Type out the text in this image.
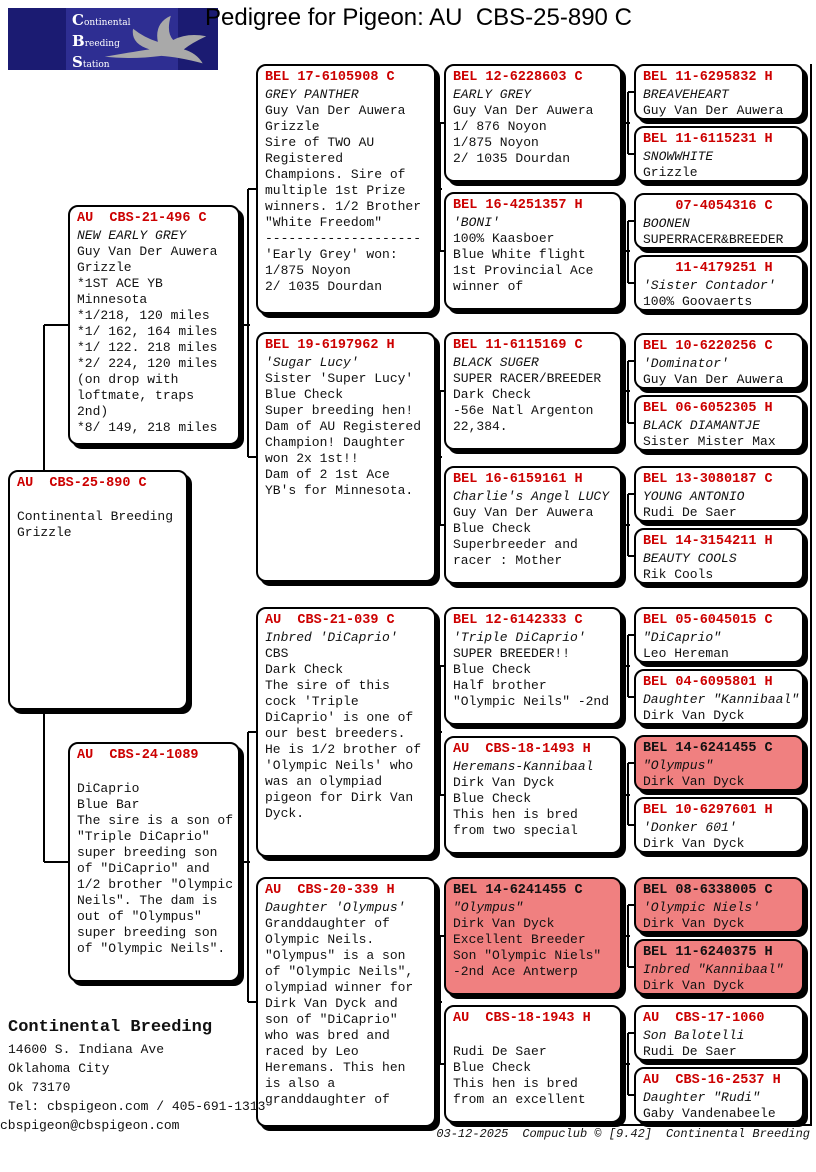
Continental
Breeding
Station
Pedigree for Pigeon: AU  CBS-25-890 C
AU  CBS-25-890 C
Continental Breeding
Grizzle
AU  CBS-21-496 C
NEW EARLY GREY
Guy Van Der Auwera
Grizzle
*1ST ACE YB
Minnesota
*1/218, 120 miles
*1/ 162, 164 miles
*1/ 122. 218 miles
*2/ 224, 120 miles
(on drop with
loftmate, traps
2nd)
*8/ 149, 218 miles
AU  CBS-24-1089
DiCaprio
Blue Bar
The sire is a son of
"Triple DiCaprio"
super breeding son
of "DiCaprio" and
1/2 brother "Olympic
Neils". The dam is
out of "Olympus"
super breeding son
of "Olympic Neils".
BEL 17-6105908 C
GREY PANTHER
Guy Van Der Auwera
Grizzle
Sire of TWO AU
Registered
Champions. Sire of
multiple 1st Prize
winners. 1/2 Brother
"White Freedom"
--------------------
'Early Grey' won:
1/875 Noyon
2/ 1035 Dourdan
BEL 19-6197962 H
'Sugar Lucy'
Sister 'Super Lucy'
Blue Check
Super breeding hen!
Dam of AU Registered
Champion! Daughter
won 2x 1st!!
Dam of 2 1st Ace
YB's for Minnesota.
AU  CBS-21-039 C
Inbred 'DiCaprio'
CBS
Dark Check
The sire of this
cock 'Triple
DiCaprio' is one of
our best breeders.
He is 1/2 brother of
'Olympic Neils' who
was an olympiad
pigeon for Dirk Van
Dyck.
AU  CBS-20-339 H
Daughter 'Olympus'
Granddaughter of
Olympic Neils.
"Olympus" is a son
of "Olympic Neils",
olympiad winner for
Dirk Van Dyck and
son of "DiCaprio"
who was bred and
raced by Leo
Heremans. This hen
is also a
granddaughter of
BEL 12-6228603 C
EARLY GREY
Guy Van Der Auwera
1/ 876 Noyon
1/875 Noyon
2/ 1035 Dourdan
BEL 16-4251357 H
'BONI'
100% Kaasboer
Blue White flight
1st Provincial Ace
winner of
BEL 11-6115169 C
BLACK SUGER
SUPER RACER/BREEDER
Dark Check
-56e Natl Argenton
22,384.
BEL 16-6159161 H
Charlie's Angel LUCY
Guy Van Der Auwera
Blue Check
Superbreeder and
racer : Mother
BEL 12-6142333 C
'Triple DiCaprio'
SUPER BREEDER!!
Blue Check
Half brother
"Olympic Neils" -2nd
AU  CBS-18-1493 H
Heremans-Kannibaal
Dirk Van Dyck
Blue Check
This hen is bred
from two special
BEL 14-6241455 C
"Olympus"
Dirk Van Dyck
Excellent Breeder
Son "Olympic Niels"
-2nd Ace Antwerp
AU  CBS-18-1943 H
Rudi De Saer
Blue Check
This hen is bred
from an excellent
BEL 11-6295832 H
BREAVEHEART
Guy Van Der Auwera
BEL 11-6115231 H
SNOWWHITE
Grizzle
07-4054316 C
BOONEN
SUPERRACER&BREEDER
11-4179251 H
'Sister Contador'
100% Goovaerts
BEL 10-6220256 C
'Dominator'
Guy Van Der Auwera
BEL 06-6052305 H
BLACK DIAMANTJE
Sister Mister Max
BEL 13-3080187 C
YOUNG ANTONIO
Rudi De Saer
BEL 14-3154211 H
BEAUTY COOLS
Rik Cools
BEL 05-6045015 C
"DiCaprio"
Leo Hereman
BEL 04-6095801 H
Daughter "Kannibaal"
Dirk Van Dyck
BEL 14-6241455 C
"Olympus"
Dirk Van Dyck
BEL 10-6297601 H
'Donker 601'
Dirk Van Dyck
BEL 08-6338005 C
'Olympic Niels'
Dirk Van Dyck
BEL 11-6240375 H
Inbred "Kannibaal"
Dirk Van Dyck
AU  CBS-17-1060
Son Balotelli
Rudi De Saer
AU  CBS-16-2537 H
Daughter "Rudi"
Gaby Vandenabeele
Continental Breeding
14600 S. Indiana Ave
Oklahoma City
Ok 73170
Tel: cbspigeon.com / 405-691-1313
cbspigeon@cbspigeon.com
03-12-2025 Compuclub © [9.42] Continental Breeding
